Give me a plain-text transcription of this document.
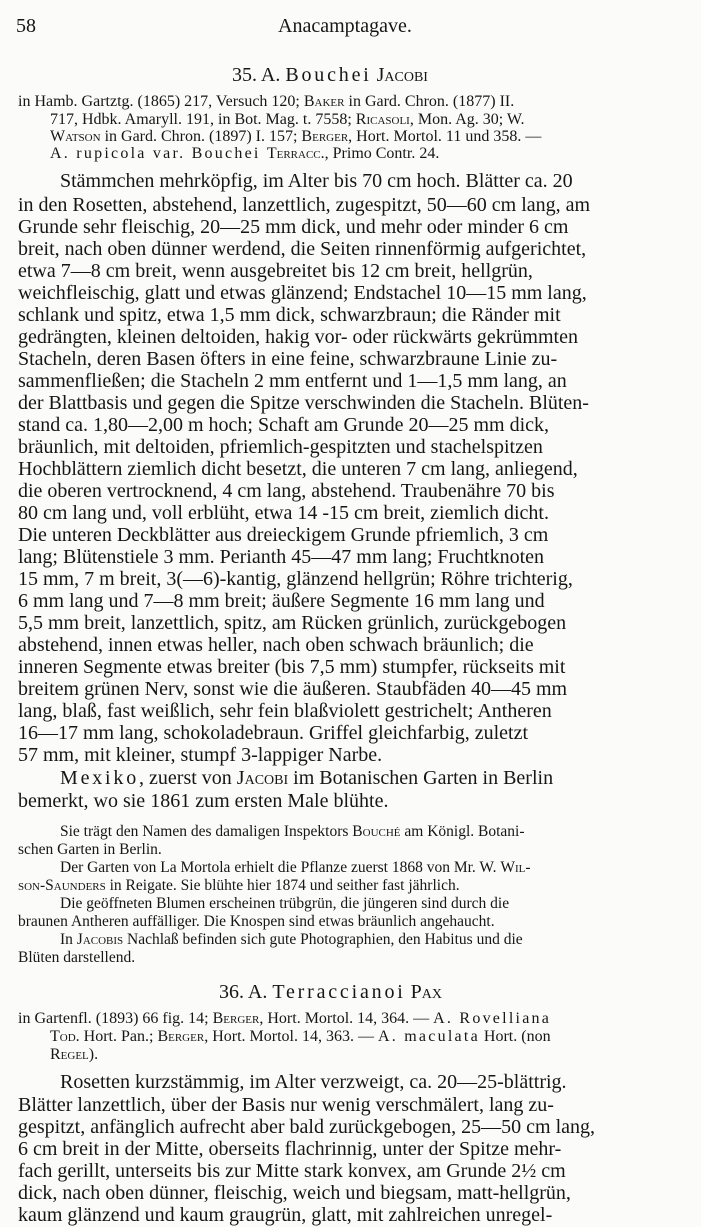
58	Anacamptagave.
35. A. Bouchei Jacobi
in Hamb. Gartztg. (1865) 217, Versuch 120; Baker in Gard. Chron. (1877) II.
717, Hdbk. Amaryll. 191, in Bot. Mag. t. 7558; Ricasoli, Mon. Ag. 30; W.
Watson in Gard. Chron. (1897) I. 157; Berger, Hort. Mortol. 11 und 358. —
A. rupicola var. Bouchei Terracc., Primo Contr. 24.
Stämmchen mehrköpfig, im Alter bis 70 cm hoch. Blätter ca. 20
in den Rosetten, abstehend, lanzettlich, zugespitzt, 50—60 cm lang, am
Grunde sehr fleischig, 20—25 mm dick, und mehr oder minder 6 cm
breit, nach oben dünner werdend, die Seiten rinnenförmig aufgerichtet,
etwa 7—8 cm breit, wenn ausgebreitet bis 12 cm breit, hellgrün,
weichfleischig, glatt und etwas glänzend; Endstachel 10—15 mm lang,
schlank und spitz, etwa 1,5 mm dick, schwarzbraun; die Ränder mit
gedrängten, kleinen deltoiden, hakig vor- oder rückwärts gekrümmten
Stacheln, deren Basen öfters in eine feine, schwarzbraune Linie zu-
sammenfließen; die Stacheln 2 mm entfernt und 1—1,5 mm lang, an
der Blattbasis und gegen die Spitze verschwinden die Stacheln. Blüten-
stand ca. 1,80—2,00 m hoch; Schaft am Grunde 20—25 mm dick,
bräunlich, mit deltoiden, pfriemlich-gespitzten und stachelspitzen
Hochblättern ziemlich dicht besetzt, die unteren 7 cm lang, anliegend,
die oberen vertrocknend, 4 cm lang, abstehend. Traubenähre 70 bis
80 cm lang und, voll erblüht, etwa 14 -15 cm breit, ziemlich dicht.
Die unteren Deckblätter aus dreieckigem Grunde pfriemlich, 3 cm
lang; Blütenstiele 3 mm. Perianth 45—47 mm lang; Fruchtknoten
15 mm, 7 m breit, 3(—6)-kantig, glänzend hellgrün; Röhre trichterig,
6 mm lang und 7—8 mm breit; äußere Segmente 16 mm lang und
5,5 mm breit, lanzettlich, spitz, am Rücken grünlich, zurückgebogen
abstehend, innen etwas heller, nach oben schwach bräunlich; die
inneren Segmente etwas breiter (bis 7,5 mm) stumpfer, rückseits mit
breitem grünen Nerv, sonst wie die äußeren. Staubfäden 40—45 mm
lang, blaß, fast weißlich, sehr fein blaßviolett gestrichelt; Antheren
16—17 mm lang, schokoladebraun. Griffel gleichfarbig, zuletzt
57 mm, mit kleiner, stumpf 3-lappiger Narbe.
Mexiko, zuerst von Jacobi im Botanischen Garten in Berlin
bemerkt, wo sie 1861 zum ersten Male blühte.
Sie trägt den Namen des damaligen Inspektors Bouché am Königl. Botani-
schen Garten in Berlin.
Der Garten von La Mortola erhielt die Pflanze zuerst 1868 von Mr. W. Wil-
son-Saunders in Reigate. Sie blühte hier 1874 und seither fast jährlich.
Die geöffneten Blumen erscheinen trübgrün, die jüngeren sind durch die
braunen Antheren auffälliger. Die Knospen sind etwas bräunlich angehaucht.
In Jacobis Nachlaß befinden sich gute Photographien, den Habitus und die
Blüten darstellend.
36. A. Terraccianoi Pax
in Gartenfl. (1893) 66 fig. 14; Berger, Hort. Mortol. 14, 364. — A. Rovelliana
Tod. Hort. Pan.; Berger, Hort. Mortol. 14, 363. — A. maculata Hort. (non
Regel).
Rosetten kurzstämmig, im Alter verzweigt, ca. 20—25-blättrig.
Blätter lanzettlich, über der Basis nur wenig verschmälert, lang zu-
gespitzt, anfänglich aufrecht aber bald zurückgebogen, 25—50 cm lang,
6 cm breit in der Mitte, oberseits flachrinnig, unter der Spitze mehr-
fach gerillt, unterseits bis zur Mitte stark konvex, am Grunde 2½ cm
dick, nach oben dünner, fleischig, weich und biegsam, matt-hellgrün,
kaum glänzend und kaum graugrün, glatt, mit zahlreichen unregel-
